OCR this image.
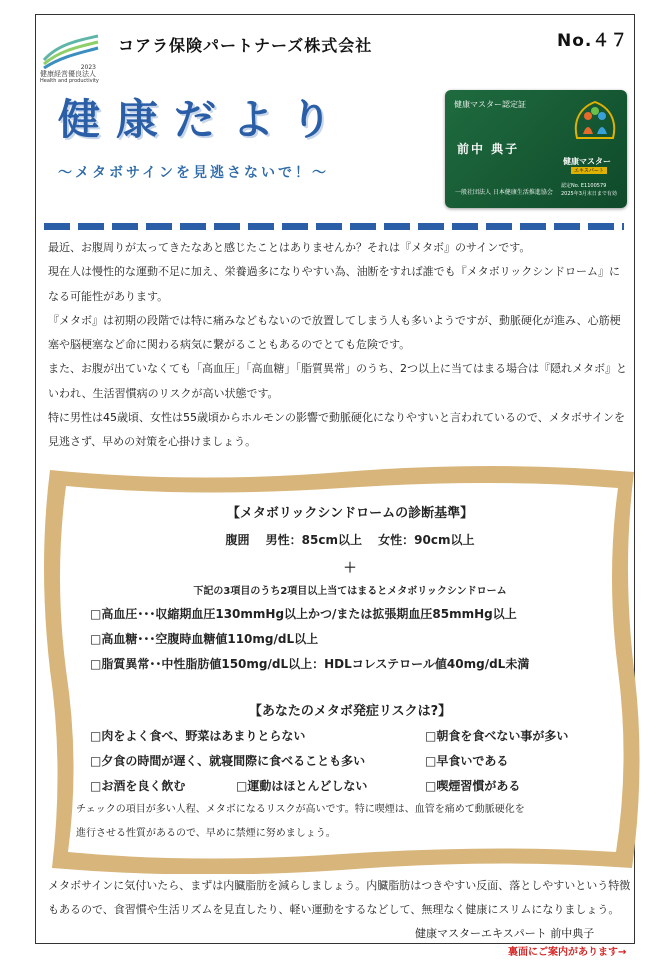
2023
健康経営優良法人
Health and productivity
コアラ保険パートナーズ株式会社	No.４７
健康だより
～メタボサインを見逃さないで！～
健康マスター認定証
前中 典子
健康マスター
エキスパート
認定No. E1100579
2025年3月末日まで有効
一般社団法人 日本健康生活推進協会

最近、お腹周りが太ってきたなあと感じたことはありませんか？それは『メタボ』のサインです。

現在人は慢性的な運動不足に加え、栄養過多になりやすい為、油断をすれば誰でも『メタボリックシンドローム』になる可能性があります。

『メタボ』は初期の段階では特に痛みなどもないので放置してしまう人も多いようですが、動脈硬化が進み、心筋梗塞や脳梗塞など命に関わる病気に繋がることもあるのでとても危険です。

また、お腹が出ていなくても「高血圧」「高血糖」「脂質異常」のうち、2つ以上に当てはまる場合は『隠れメタボ』といわれ、生活習慣病のリスクが高い状態です。

特に男性は45歳頃、女性は55歳頃からホルモンの影響で動脈硬化になりやすいと言われているので、メタボサインを見逃さず、早めの対策を心掛けましょう。

【メタボリックシンドロームの診断基準】
腹囲　 男性：85cm以上　 女性：90cm以上
＋
下記の3項目のうち2項目以上当てはまるとメタボリックシンドローム
□高血圧･･･収縮期血圧130mmHg以上かつ/または拡張期血圧85mmHg以上
□高血糖･･･空腹時血糖値110mg/dL以上
□脂質異常･･中性脂肪値150mg/dL以上：HDLコレステロール値40mg/dL未満
【あなたのメタボ発症リスクは?】
□肉をよく食べ、野菜はあまりとらない	□朝食を食べない事が多い
□夕食の時間が遅く、就寝間際に食べることも多い	□早食いである
□お酒を良く飲む	□運動はほとんどしない	□喫煙習慣がある
チェックの項目が多い人程、メタボになるリスクが高いです。特に喫煙は、血管を痛めて動脈硬化を
進行させる性質があるので、早めに禁煙に努めましょう。

メタボサインに気付いたら、まずは内臓脂肪を減らしましょう。内臓脂肪はつきやすい反面、落としやすいという特徴もあるので、食習慣や生活リズムを見直したり、軽い運動をするなどして、無理なく健康にスリムになりましょう。

健康マスターエキスパート 前中典子
裏面にご案内があります→
